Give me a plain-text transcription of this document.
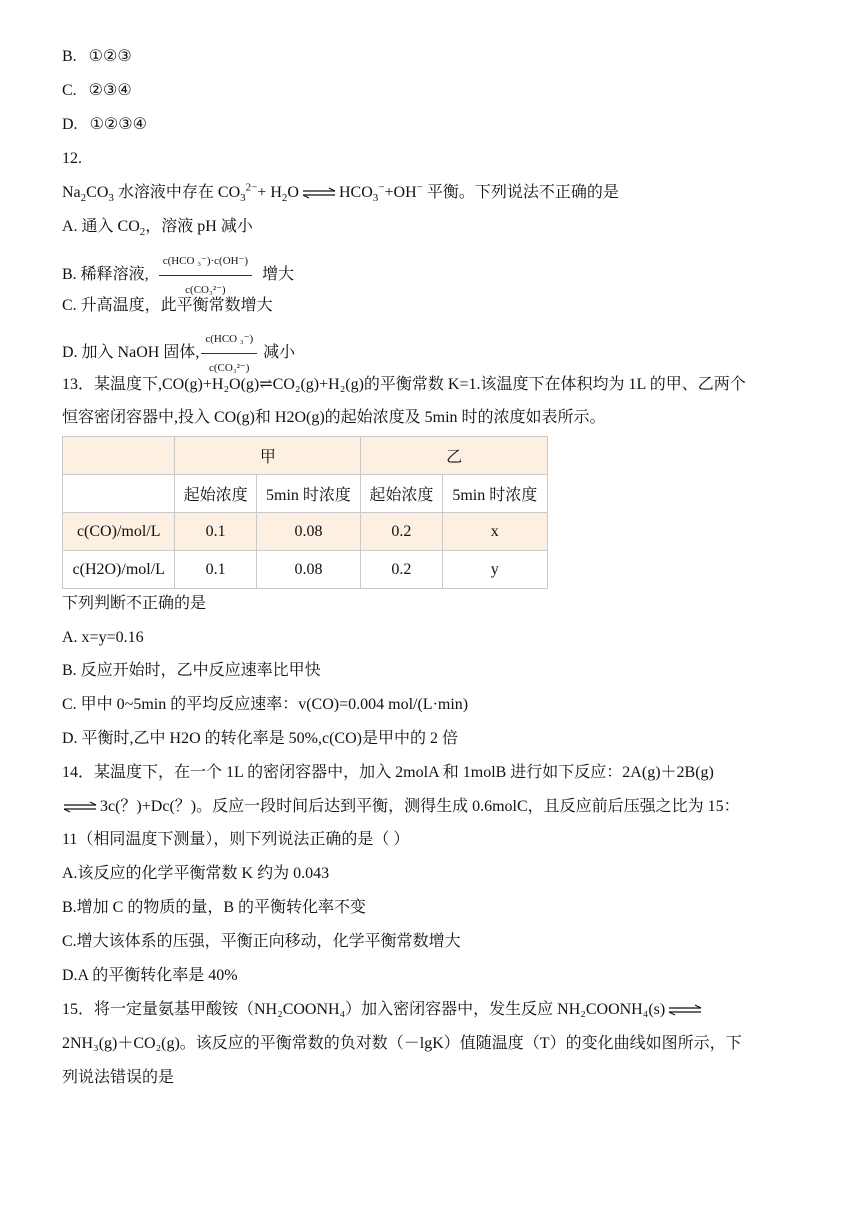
B. ①②③
C. ②③④
D. ①②③④
12.
$Na_2CO_3$ 水溶液中存在 $CO_3^{2-}+ H_2O$ ⇌ $HCO_3^-+OH^-$ 平衡。下列说法不正确的是
A. 通入 $CO_2$，溶液 pH 减小
B. 稀释溶液, $\frac{\text{c(HCO ₃⁻)·c(OH⁻)}}{\text{c(CO₃²⁻)}}$ 增大
C. 升高温度，此平衡常数增大
D. 加入 NaOH 固体, $\frac{\text{c(HCO ₃⁻)}}{\text{c(CO₃²⁻)}}$ 减小
13．某温度下,CO(g)+H₂O(g)⇌CO₂(g)+H₂(g)的平衡常数 K=1.该温度下在体积均为 1L 的甲、乙两个
恒容密闭容器中,投入 CO(g)和 H2O(g)的起始浓度及 5min 时的浓度如表所示。
	甲		乙	
	起始浓度	5min 时浓度	起始浓度	5min 时浓度
c(CO)/mol/L	0.1	0.08	0.2	x
c(H2O)/mol/L	0.1	0.08	0.2	y
下列判断不正确的是
A. x=y=0.16
B. 反应开始时，乙中反应速率比甲快
C. 甲中 0~5min 的平均反应速率：v(CO)=0.004 mol/(L·min)
D. 平衡时,乙中 H2O 的转化率是 50%,c(CO)是甲中的 2 倍
14．某温度下，在一个 1L 的密闭容器中，加入 2molA 和 1molB 进行如下反应：2A(g)＋2B(g)
⇌ 3c(？)+Dc(？)。反应一段时间后达到平衡，测得生成 0.6molC，且反应前后压强之比为 15：
11（相同温度下测量），则下列说法正确的是（ ）
A.该反应的化学平衡常数 K 约为 0.043
B.增加 C 的物质的量，B 的平衡转化率不变
C.增大该体系的压强，平衡正向移动，化学平衡常数增大
D.A 的平衡转化率是 40%
15．将一定量氨基甲酸铵（NH₂COONH₄）加入密闭容器中，发生反应 NH₂COONH₄(s) ⇌
2NH₃(g)＋CO₂(g)。该反应的平衡常数的负对数（－lgK）值随温度（T）的变化曲线如图所示，下
列说法错误的是
